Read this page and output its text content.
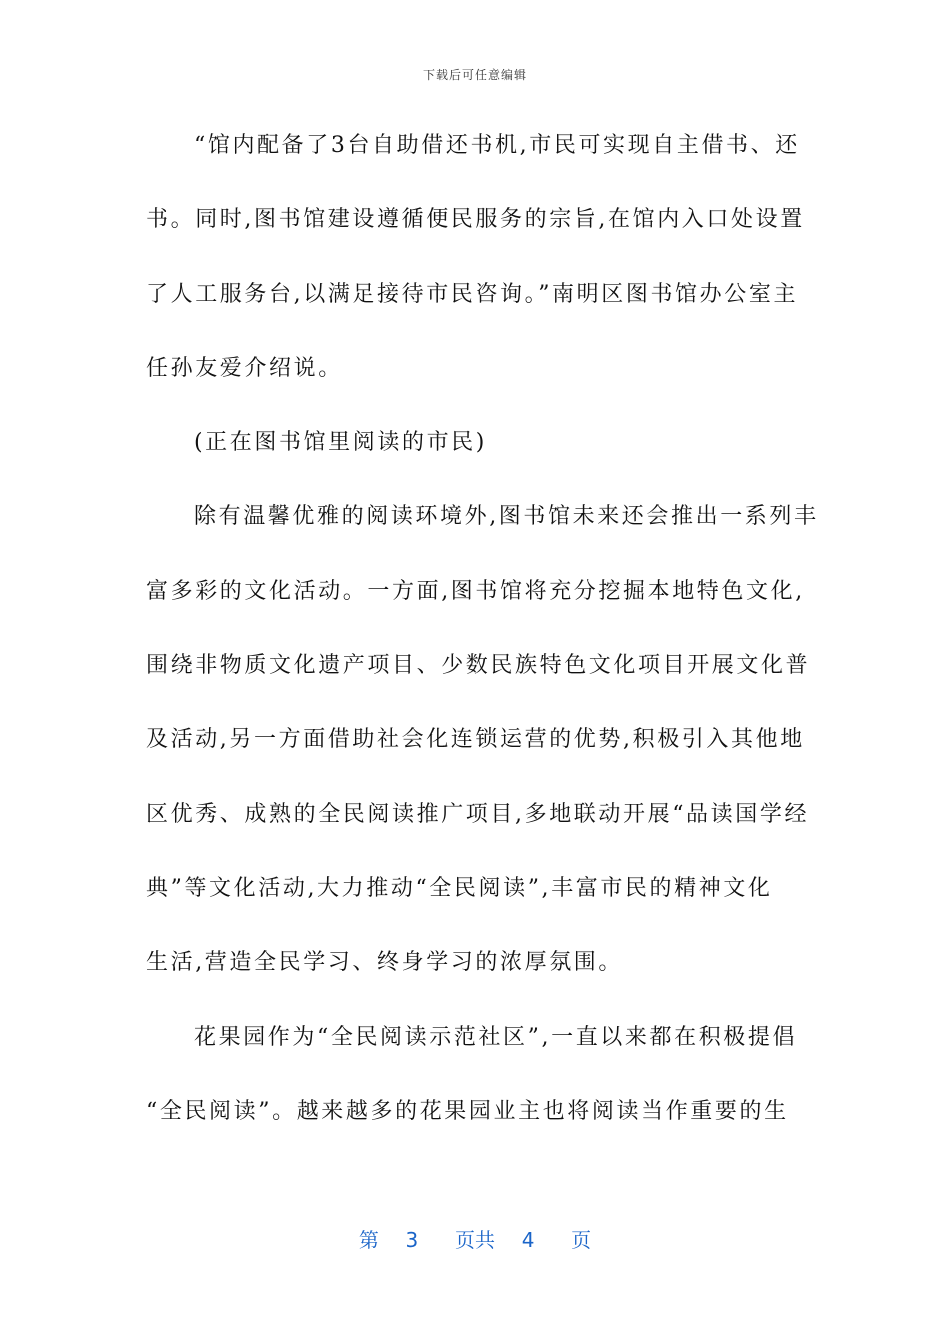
下载后可任意编辑
“馆内配备了3台自助借还书机,市民可实现自主借书、还
书。同时,图书馆建设遵循便民服务的宗旨,在馆内入口处设置
了人工服务台,以满足接待市民咨询。”南明区图书馆办公室主
任孙友爱介绍说。
(正在图书馆里阅读的市民)
除有温馨优雅的阅读环境外,图书馆未来还会推出一系列丰
富多彩的文化活动。一方面,图书馆将充分挖掘本地特色文化,
围绕非物质文化遗产项目、少数民族特色文化项目开展文化普
及活动,另一方面借助社会化连锁运营的优势,积极引入其他地
区优秀、成熟的全民阅读推广项目,多地联动开展“品读国学经
典”等文化活动,大力推动“全民阅读”,丰富市民的精神文化
生活,营造全民学习、终身学习的浓厚氛围。
花果园作为“全民阅读示范社区”,一直以来都在积极提倡
“全民阅读”。越来越多的花果园业主也将阅读当作重要的生
第 3 页共 4 页
